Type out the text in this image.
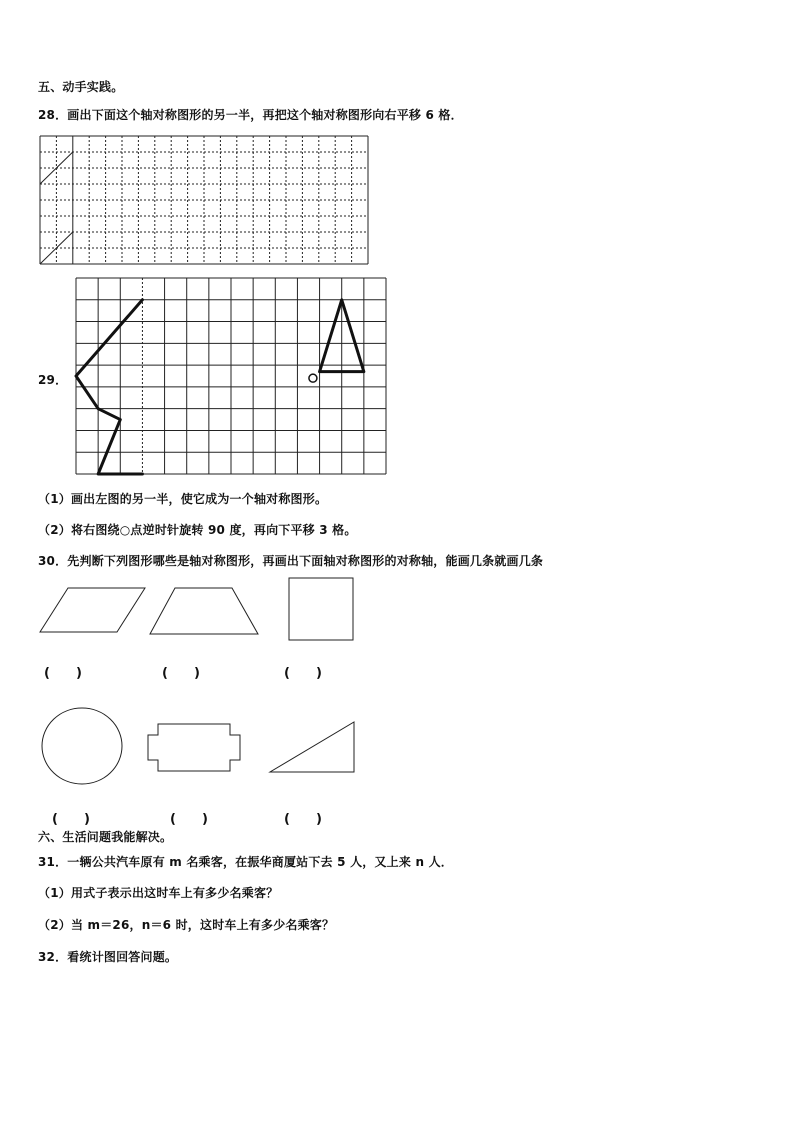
五、动手实践。
28．画出下面这个轴对称图形的另一半，再把这个轴对称图形向右平移 6 格．
29．
（1）画出左图的另一半，使它成为一个轴对称图形。
（2）将右图绕○点逆时针旋转 90 度，再向下平移 3 格。
30．先判断下列图形哪些是轴对称图形，再画出下面轴对称图形的对称轴，能画几条就画几条
(　　)	(　　)	(　　)
(　　)	(　　)	(　　)
六、生活问题我能解决。
31．一辆公共汽车原有 m 名乘客，在振华商厦站下去 5 人，又上来 n 人．
（1）用式子表示出这时车上有多少名乘客？
（2）当 m＝26，n＝6 时，这时车上有多少名乘客？
32．看统计图回答问题。
